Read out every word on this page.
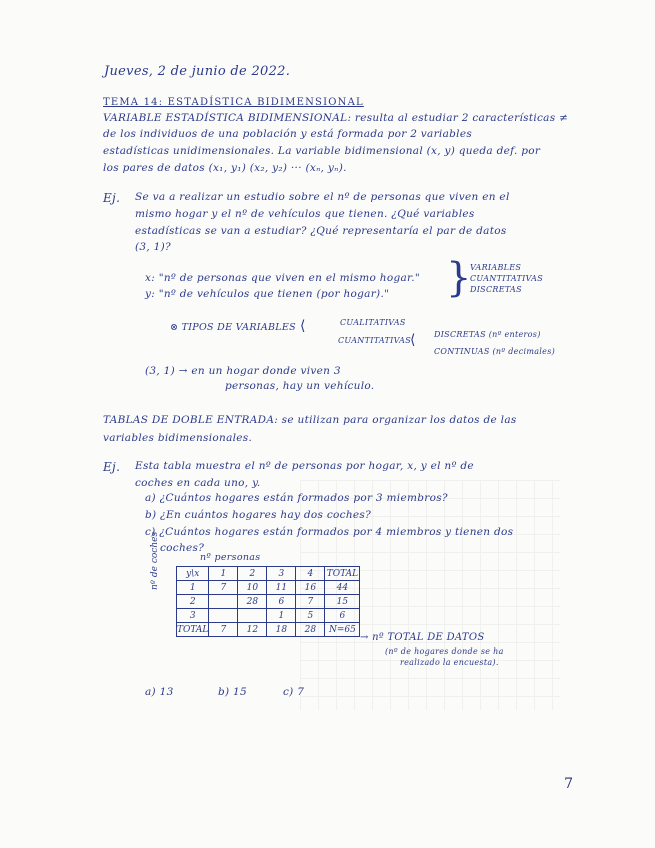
Jueves, 2 de junio de 2022.
TEMA 14: ESTADÍSTICA BIDIMENSIONAL
VARIABLE ESTADÍSTICA BIDIMENSIONAL: resulta al estudiar 2 características ≠
de los individuos de una población y está formada por 2 variables
estadísticas unidimensionales. La variable bidimensional (x, y) queda def. por
los pares de datos (x₁, y₁) (x₂, y₂) ··· (xₙ, yₙ).
Ej. Se va a realizar un estudio sobre el nº de personas que viven en el
mismo hogar y el nº de vehículos que tienen. ¿Qué variables
estadísticas se van a estudiar? ¿Qué representaría el par de datos
(3, 1)?
x: "nº de personas que viven en el mismo hogar."
y: "nº de vehículos que tienen (por hogar)." }
VARIABLES
CUANTITATIVAS
DISCRETAS
⊗ TIPOS DE VARIABLES ⟨	CUALITATIVAS
CUANTITATIVAS
⟨ DISCRETAS (nº enteros)
CONTINUAS (nº decimales)
(3, 1) → en un hogar donde viven 3
personas, hay un vehículo.
TABLAS DE DOBLE ENTRADA: se utilizan para organizar los datos de las
variables bidimensionales.
Ej. Esta tabla muestra el nº de personas por hogar, x, y el nº de
coches en cada uno, y.
a) ¿Cuántos hogares están formados por 3 miembros?
b) ¿En cuántos hogares hay dos coches?
c) ¿Cuántos hogares están formados por 4 miembros y tienen dos
coches?
nº personas
nº de coches	y\x	1	2	3	4	TOTAL
1	7	10	11	16	44
2		28	6	7	15
3			1	5	6
TOTAL	7	12	18	28	N=65
→ nº TOTAL DE DATOS
(nº de hogares donde se ha
realizado la encuesta).
a) 13	b) 15	c) 7
7
